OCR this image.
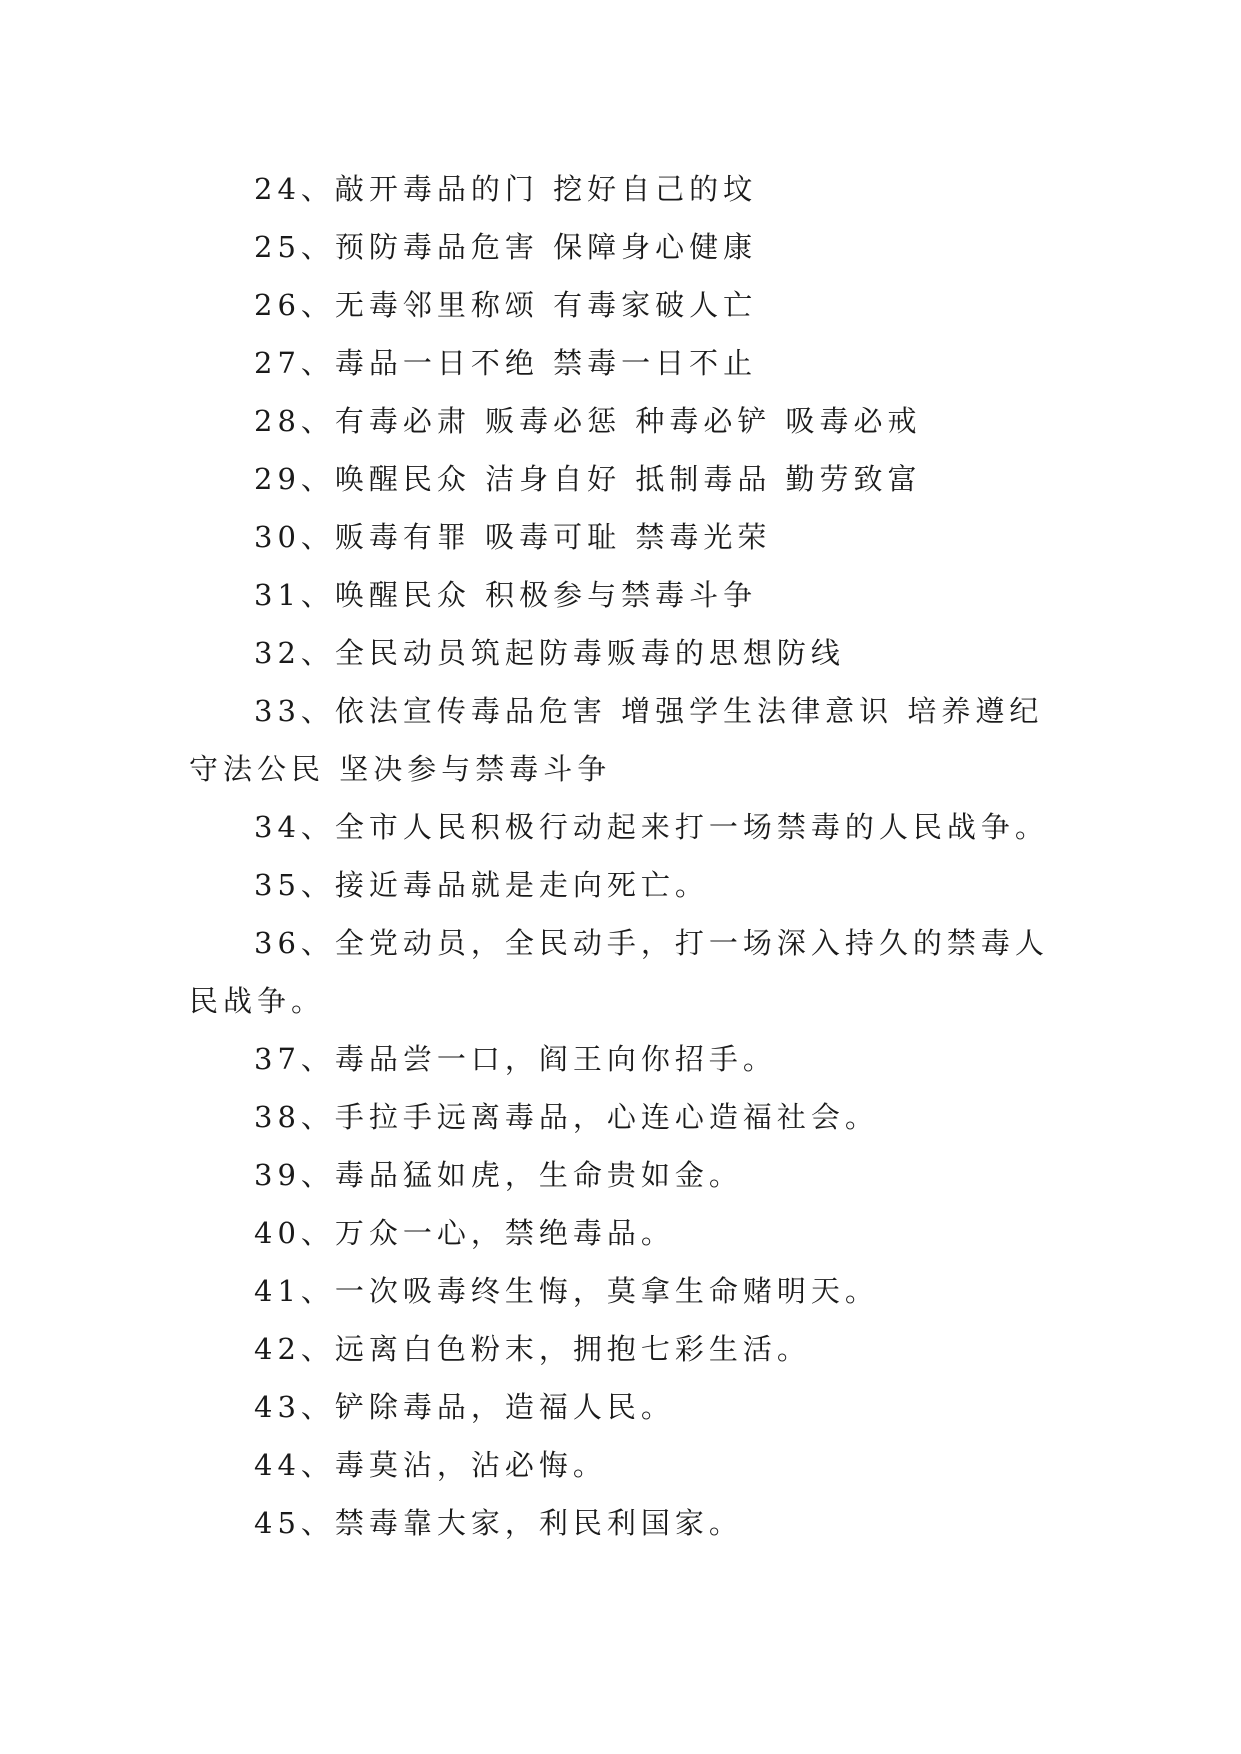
24、敲开毒品的门 挖好自己的坟

25、预防毒品危害 保障身心健康

26、无毒邻里称颂 有毒家破人亡

27、毒品一日不绝 禁毒一日不止

28、有毒必肃 贩毒必惩 种毒必铲 吸毒必戒

29、唤醒民众 洁身自好 抵制毒品 勤劳致富

30、贩毒有罪 吸毒可耻 禁毒光荣

31、唤醒民众 积极参与禁毒斗争

32、全民动员筑起防毒贩毒的思想防线

33、依法宣传毒品危害 增强学生法律意识 培养遵纪守法公民 坚决参与禁毒斗争

34、全市人民积极行动起来打一场禁毒的人民战争。

35、接近毒品就是走向死亡。

36、全党动员，全民动手，打一场深入持久的禁毒人民战争。

37、毒品尝一口，阎王向你招手。

38、手拉手远离毒品，心连心造福社会。

39、毒品猛如虎，生命贵如金。

40、万众一心，禁绝毒品。

41、一次吸毒终生悔，莫拿生命赌明天。

42、远离白色粉末，拥抱七彩生活。

43、铲除毒品，造福人民。

44、毒莫沾，沾必悔。

45、禁毒靠大家，利民利国家。
